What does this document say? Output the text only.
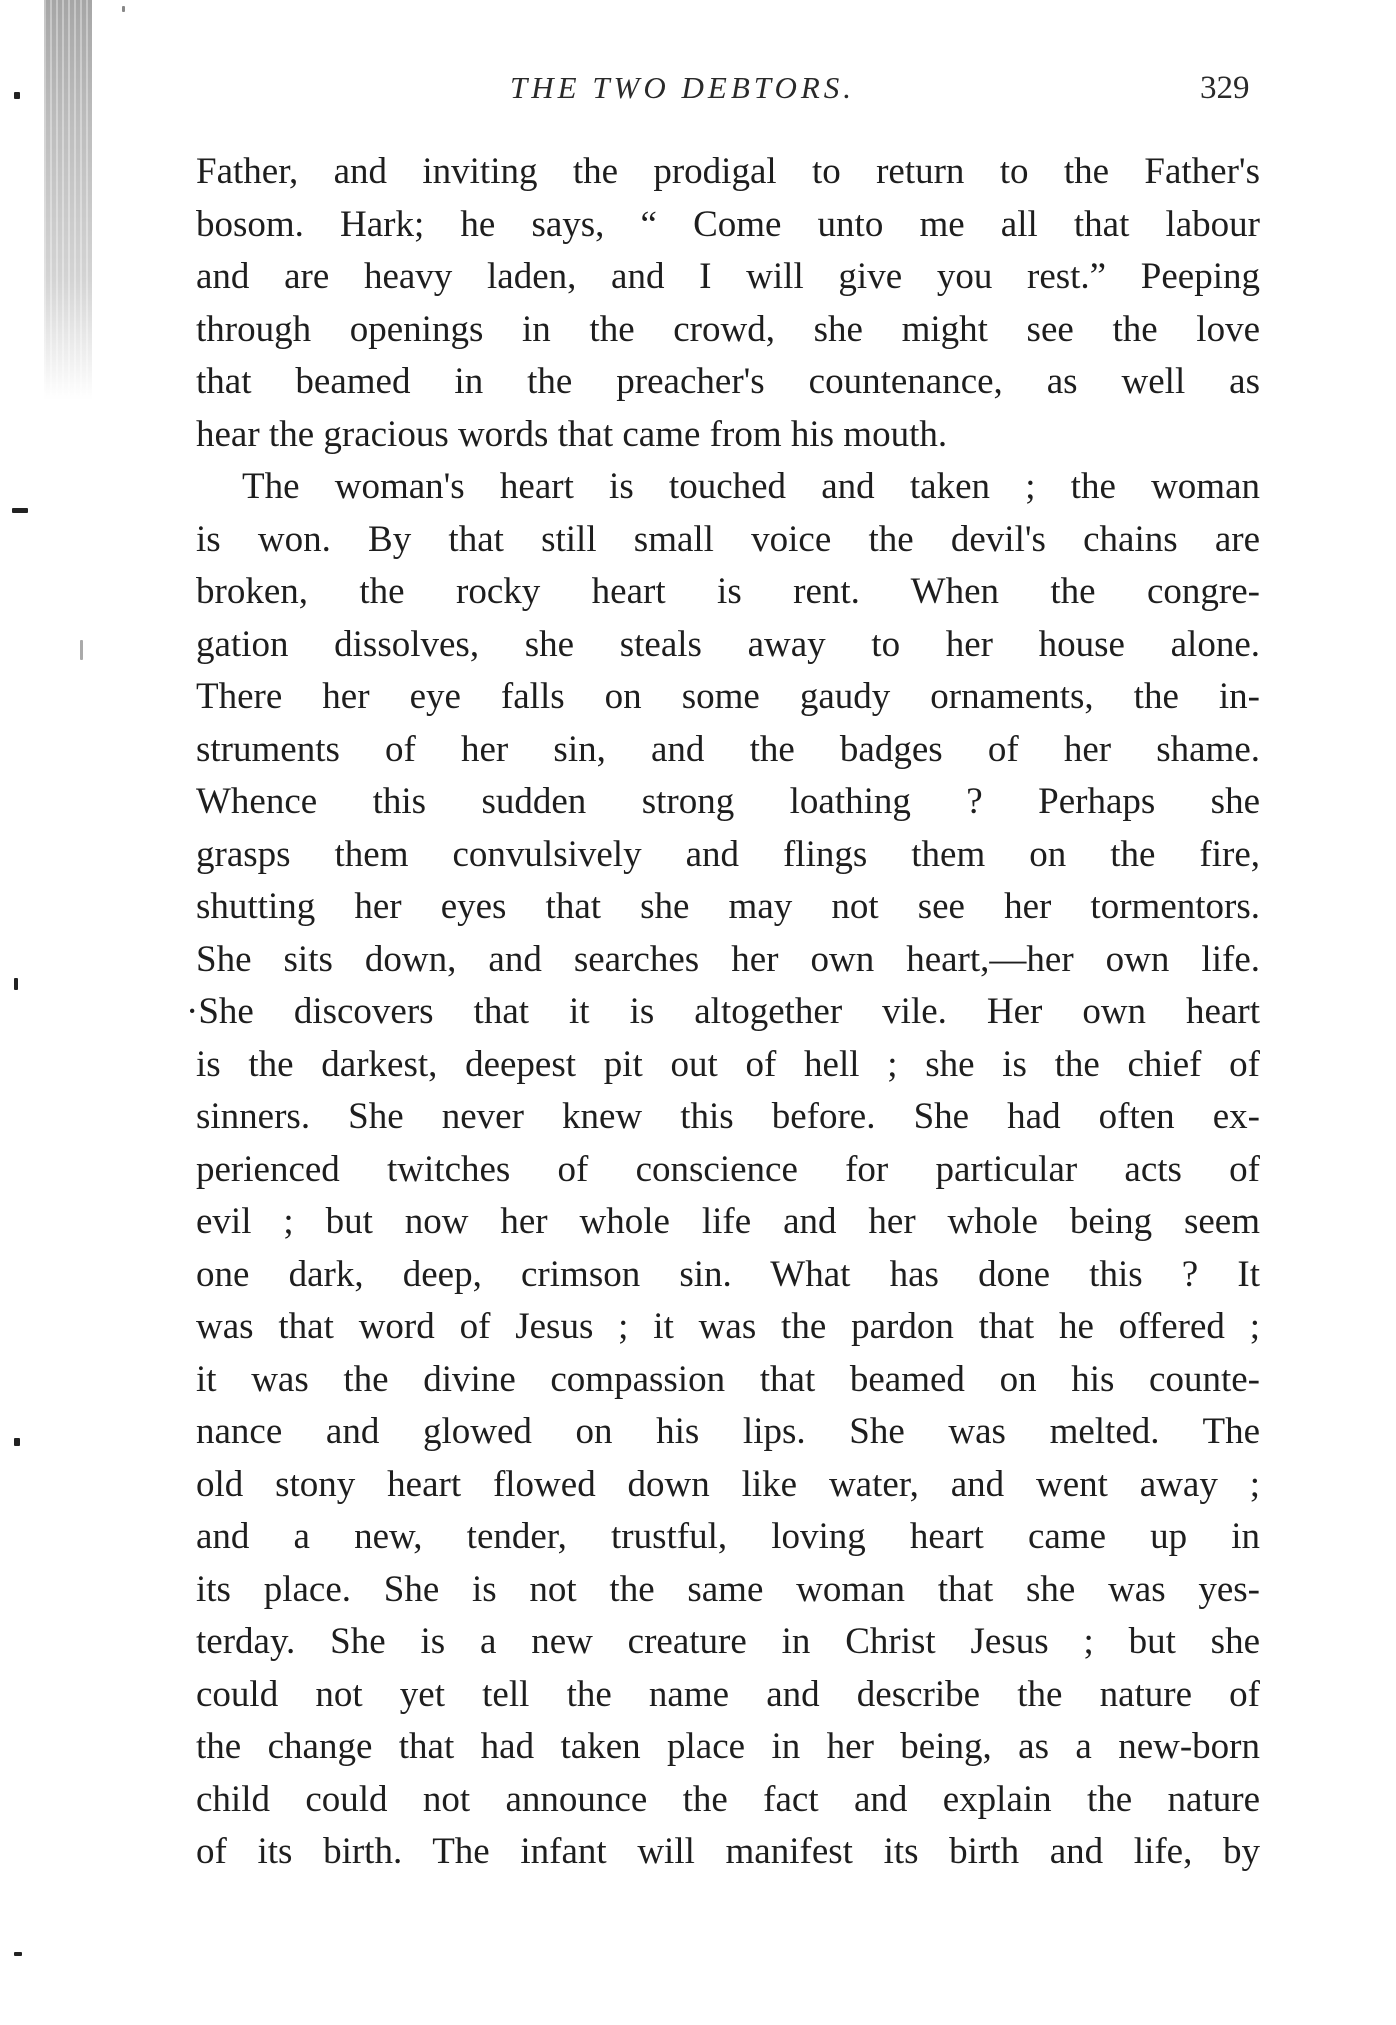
THE TWO DEBTORS.	329
Father, and inviting the prodigal to return to the Father's
bosom. Hark; he says, “ Come unto me all that labour
and are heavy laden, and I will give you rest.” Peeping
through openings in the crowd, she might see the love
that beamed in the preacher's countenance, as well as
hear the gracious words that came from his mouth.
The woman's heart is touched and taken ; the woman
is won. By that still small voice the devil's chains are
broken, the rocky heart is rent. When the congre-
gation dissolves, she steals away to her house alone.
There her eye falls on some gaudy ornaments, the in-
struments of her sin, and the badges of her shame.
Whence this sudden strong loathing ? Perhaps she
grasps them convulsively and flings them on the fire,
shutting her eyes that she may not see her tormentors.
She sits down, and searches her own heart,—her own life.
·She discovers that it is altogether vile. Her own heart
is the darkest, deepest pit out of hell ; she is the chief of
sinners. She never knew this before. She had often ex-
perienced twitches of conscience for particular acts of
evil ; but now her whole life and her whole being seem
one dark, deep, crimson sin. What has done this ? It
was that word of Jesus ; it was the pardon that he offered ;
it was the divine compassion that beamed on his counte-
nance and glowed on his lips. She was melted. The
old stony heart flowed down like water, and went away ;
and a new, tender, trustful, loving heart came up in
its place. She is not the same woman that she was yes-
terday. She is a new creature in Christ Jesus ; but she
could not yet tell the name and describe the nature of
the change that had taken place in her being, as a new-born
child could not announce the fact and explain the nature
of its birth. The infant will manifest its birth and life, by
